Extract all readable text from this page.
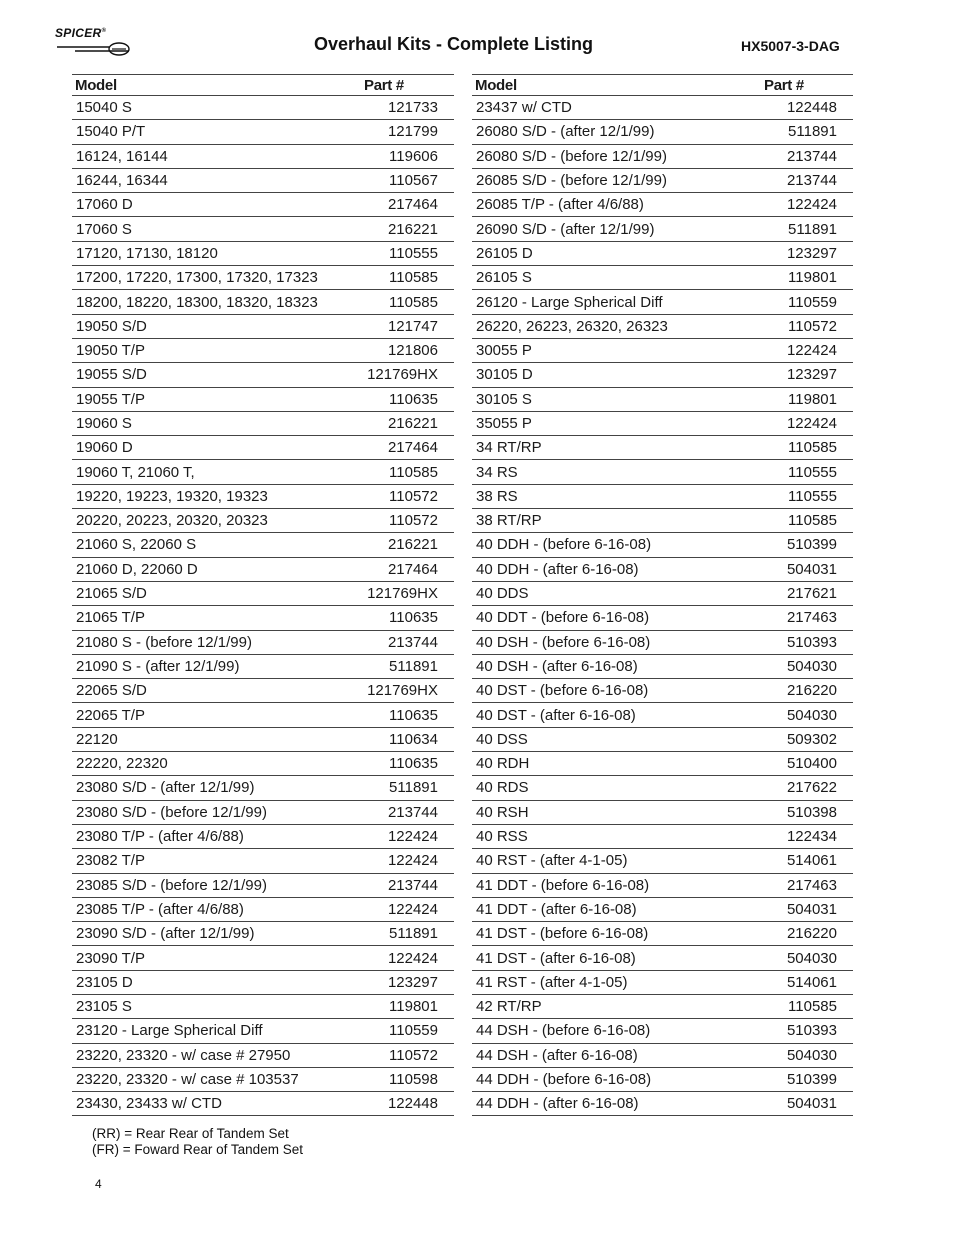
SPICER®
Overhaul Kits - Complete Listing	HX5007-3-DAG
Model	Part #
15040 S	121733
15040 P/T	121799
16124, 16144	119606
16244, 16344	110567
17060 D	217464
17060 S	216221
17120, 17130, 18120	110555
17200, 17220, 17300, 17320, 17323	110585
18200, 18220, 18300, 18320, 18323	110585
19050 S/D	121747
19050 T/P	121806
19055 S/D	121769HX
19055 T/P	110635
19060 S	216221
19060 D	217464
19060 T, 21060 T,	110585
19220, 19223, 19320, 19323	110572
20220, 20223, 20320, 20323	110572
21060 S, 22060 S	216221
21060 D, 22060 D	217464
21065 S/D	121769HX
21065 T/P	110635
21080 S - (before 12/1/99)	213744
21090 S - (after 12/1/99)	511891
22065 S/D	121769HX
22065 T/P	110635
22120	110634
22220, 22320	110635
23080 S/D - (after 12/1/99)	511891
23080 S/D - (before 12/1/99)	213744
23080 T/P - (after 4/6/88)	122424
23082 T/P	122424
23085 S/D - (before 12/1/99)	213744
23085 T/P - (after 4/6/88)	122424
23090 S/D - (after 12/1/99)	511891
23090 T/P	122424
23105 D	123297
23105 S	119801
23120 - Large Spherical Diff	110559
23220, 23320 - w/ case # 27950	110572
23220, 23320 - w/ case # 103537	110598
23430, 23433 w/ CTD	122448
Model	Part #
23437 w/ CTD	122448
26080 S/D - (after 12/1/99)	511891
26080 S/D - (before 12/1/99)	213744
26085 S/D - (before 12/1/99)	213744
26085 T/P - (after 4/6/88)	122424
26090 S/D - (after 12/1/99)	511891
26105 D	123297
26105 S	119801
26120 - Large Spherical Diff	110559
26220, 26223, 26320, 26323	110572
30055 P	122424
30105 D	123297
30105 S	119801
35055 P	122424
34 RT/RP	110585
34 RS	110555
38 RS	110555
38 RT/RP	110585
40 DDH - (before 6-16-08)	510399
40 DDH - (after 6-16-08)	504031
40 DDS	217621
40 DDT - (before 6-16-08)	217463
40 DSH - (before 6-16-08)	510393
40 DSH - (after 6-16-08)	504030
40 DST - (before 6-16-08)	216220
40 DST - (after 6-16-08)	504030
40 DSS	509302
40 RDH	510400
40 RDS	217622
40 RSH	510398
40 RSS	122434
40 RST - (after 4-1-05)	514061
41 DDT - (before 6-16-08)	217463
41 DDT - (after 6-16-08)	504031
41 DST - (before 6-16-08)	216220
41 DST - (after 6-16-08)	504030
41 RST - (after 4-1-05)	514061
42 RT/RP	110585
44 DSH - (before 6-16-08)	510393
44 DSH - (after 6-16-08)	504030
44 DDH - (before 6-16-08)	510399
44 DDH - (after 6-16-08)	504031
(RR) = Rear Rear of Tandem Set
(FR) = Foward Rear of Tandem Set
4
